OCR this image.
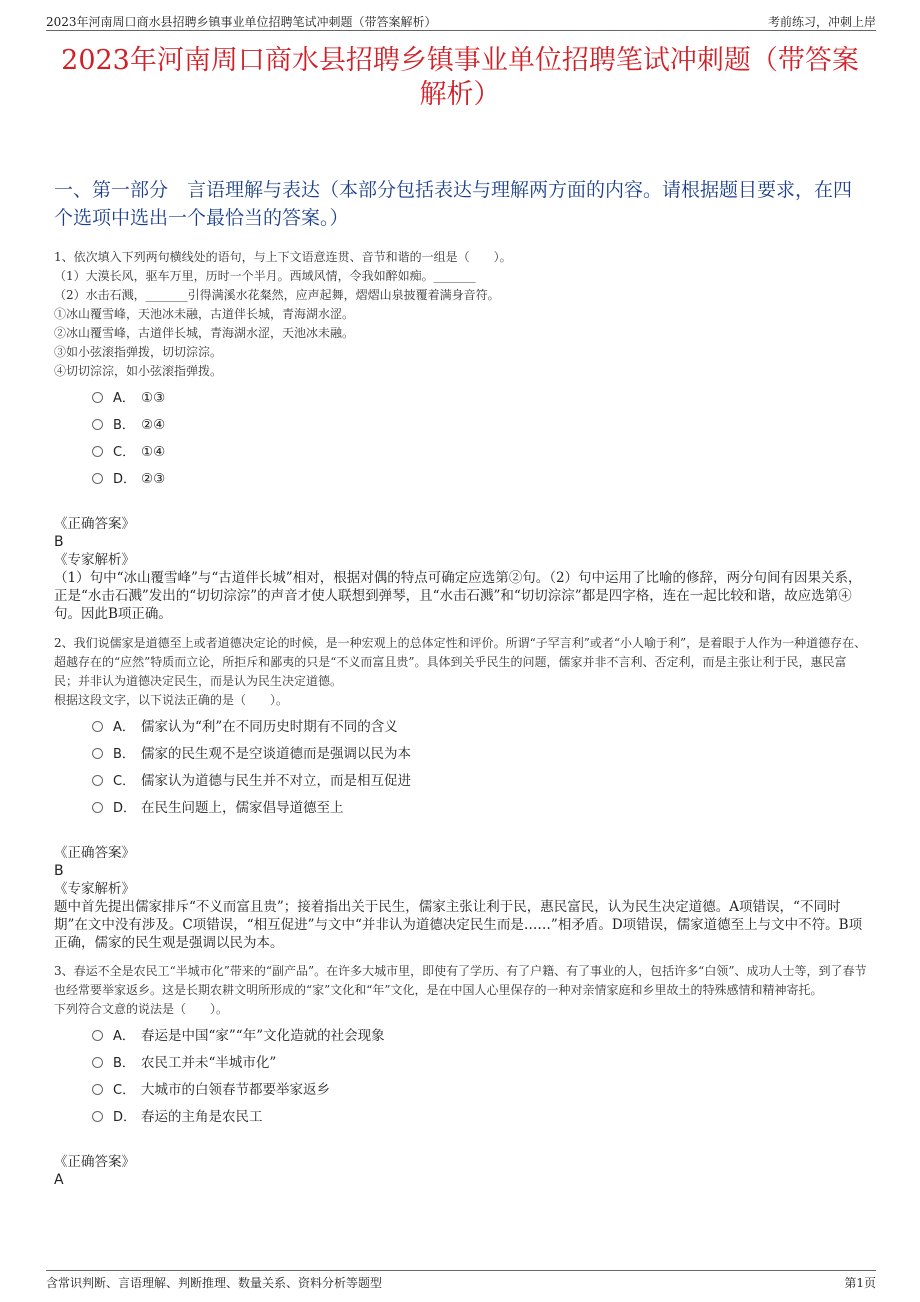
2023年河南周口商水县招聘乡镇事业单位招聘笔试冲刺题（带答案解析）	考前练习，冲刺上岸
2023年河南周口商水县招聘乡镇事业单位招聘笔试冲刺题（带答案解析）
一、第一部分　言语理解与表达（本部分包括表达与理解两方面的内容。请根据题目要求，在四个选项中选出一个最恰当的答案。）

1、依次填入下列两句横线处的语句，与上下文语意连贯、音节和谐的一组是（　　）。

（1）大漠长风，驱车万里，历时一个半月。西域风情，令我如醉如痴。_______

（2）水击石溅，_______引得满溪水花粲然，应声起舞，熠熠山泉披覆着满身音符。

①冰山覆雪峰，天池冰未融，古道伴长城，青海湖水涩。

②冰山覆雪峰，古道伴长城，青海湖水涩，天池冰未融。

③如小弦滚指弹拨，切切淙淙。

④切切淙淙，如小弦滚指弹拨。

A． ①③
B． ②④
C． ①④
D． ②③
《正确答案》
B
《专家解析》
（1）句中“冰山覆雪峰”与“古道伴长城”相对，根据对偶的特点可确定应选第②句。（2）句中运用了比喻的修辞，两分句间有因果关系，正是“水击石溅”发出的“切切淙淙”的声音才使人联想到弹琴，且“水击石溅”和“切切淙淙”都是四字格，连在一起比较和谐，故应选第④句。因此B项正确。

2、我们说儒家是道德至上或者道德决定论的时候，是一种宏观上的总体定性和评价。所谓“子罕言利”或者“小人喻于利”，是着眼于人作为一种道德存在、超越存在的“应然”特质而立论，所拒斥和鄙夷的只是“不义而富且贵”。具体到关乎民生的问题，儒家并非不言利、否定利，而是主张让利于民，惠民富民；并非认为道德决定民生，而是认为民生决定道德。

根据这段文字，以下说法正确的是（　　）。

A． 儒家认为“利”在不同历史时期有不同的含义
B． 儒家的民生观不是空谈道德而是强调以民为本
C． 儒家认为道德与民生并不对立，而是相互促进
D． 在民生问题上，儒家倡导道德至上
《正确答案》
B
《专家解析》
题中首先提出儒家排斥“不义而富且贵”；接着指出关于民生，儒家主张让利于民，惠民富民，认为民生决定道德。A项错误，“不同时期”在文中没有涉及。C项错误，“相互促进”与文中“并非认为道德决定民生而是……”相矛盾。D项错误，儒家道德至上与文中不符。B项正确，儒家的民生观是强调以民为本。

3、春运不全是农民工“半城市化”带来的“副产品”。在许多大城市里，即使有了学历、有了户籍、有了事业的人，包括许多“白领”、成功人士等，到了春节也经常要举家返乡。这是长期农耕文明所形成的“家”文化和“年”文化，是在中国人心里保存的一种对亲情家庭和乡里故土的特殊感情和精神寄托。

下列符合文意的说法是（　　）。

A． 春运是中国“家”“年”文化造就的社会现象
B． 农民工并未“半城市化”
C． 大城市的白领春节都要举家返乡
D． 春运的主角是农民工
《正确答案》
A
含常识判断、言语理解、判断推理、数量关系、资料分析等题型	第1页
